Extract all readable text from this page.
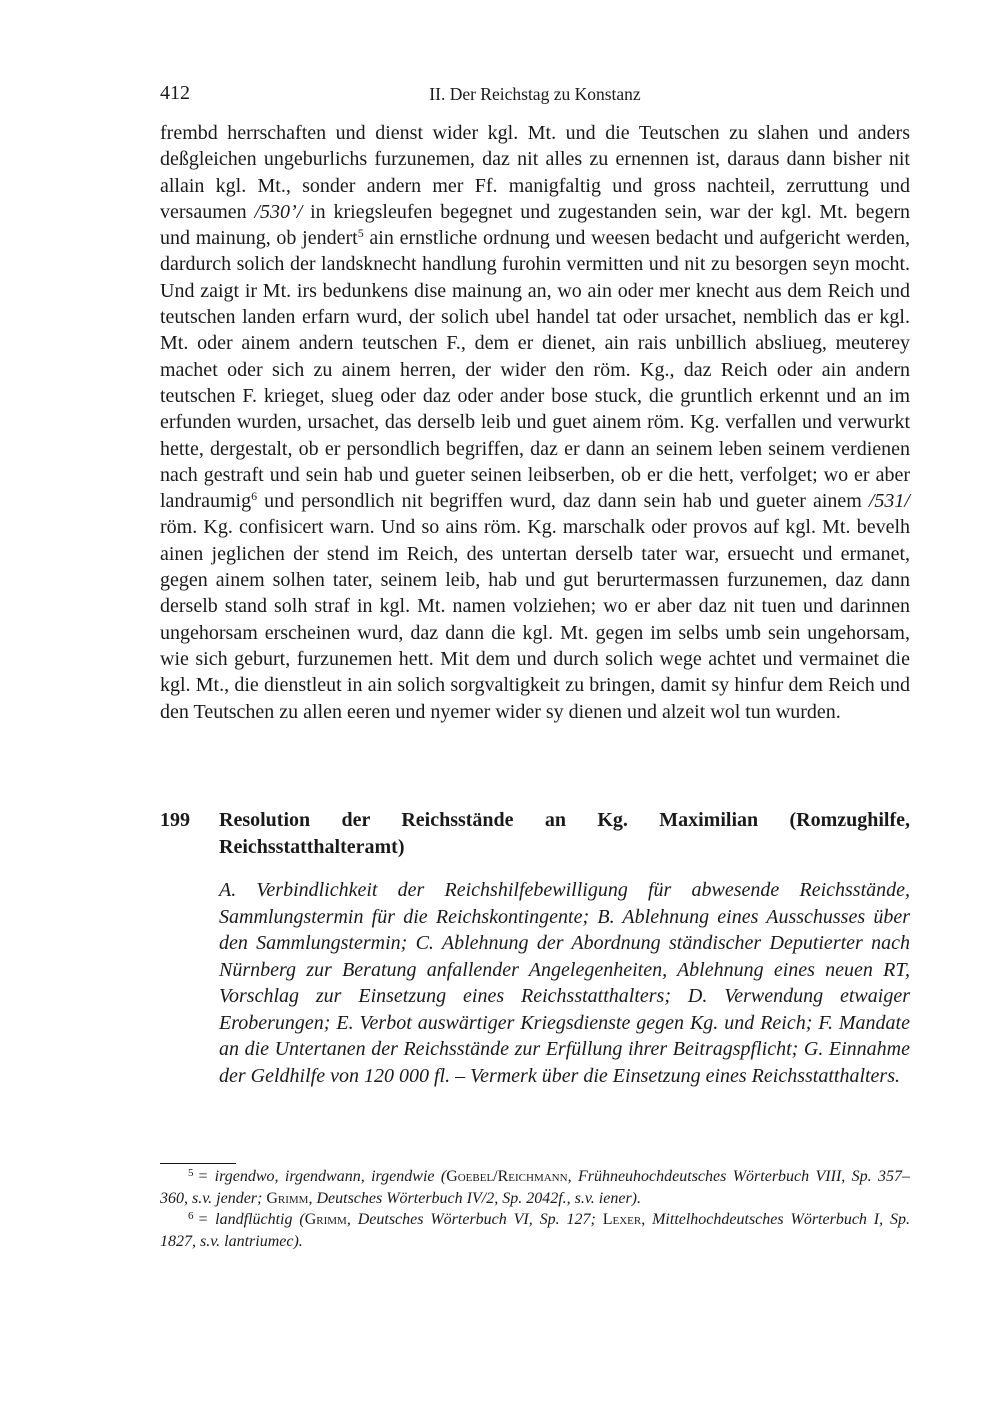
412	II. Der Reichstag zu Konstanz

frembd herrschaften und dienst wider kgl. Mt. und die Teutschen zu slahen und anders deßgleichen ungeburlichs furzunemen, daz nit alles zu ernennen ist, daraus dann bisher nit allain kgl. Mt., sonder andern mer Ff. manigfaltig und gross nachteil, zerruttung und versaumen /530’/ in kriegsleufen begegnet und zugestanden sein, war der kgl. Mt. begern und mainung, ob jendert$^5$ ain ernstliche ordnung und weesen bedacht und aufgericht werden, dardurch solich der landsknecht handlung furohin vermitten und nit zu besorgen seyn mocht. Und zaigt ir Mt. irs bedunkens dise mainung an, wo ain oder mer knecht aus dem Reich und teutschen landen erfarn wurd, der solich ubel handel tat oder ursachet, nemblich das er kgl. Mt. oder ainem andern teutschen F., dem er dienet, ain rais unbillich absliueg, meuterey machet oder sich zu ainem herren, der wider den röm. Kg., daz Reich oder ain andern teutschen F. krieget, slueg oder daz oder ander bose stuck, die gruntlich erkennt und an im erfunden wurden, ursachet, das derselb leib und guet ainem röm. Kg. verfallen und verwurkt hette, dergestalt, ob er persondlich begriffen, daz er dann an seinem leben seinem verdienen nach gestraft und sein hab und gueter seinen leibserben, ob er die hett, verfolget; wo er aber landraumig$^6$ und persondlich nit begriffen wurd, daz dann sein hab und gueter ainem /531/ röm. Kg. confisicert warn. Und so ains röm. Kg. marschalk oder provos auf kgl. Mt. bevelh ainen jeglichen der stend im Reich, des untertan derselb tater war, ersuecht und ermanet, gegen ainem solhen tater, seinem leib, hab und gut berurtermassen furzunemen, daz dann derselb stand solh straf in kgl. Mt. namen volziehen; wo er aber daz nit tuen und darinnen ungehorsam erscheinen wurd, daz dann die kgl. Mt. gegen im selbs umb sein ungehorsam, wie sich geburt, furzunemen hett. Mit dem und durch solich wege achtet und vermainet die kgl. Mt., die dienstleut in ain solich sorgvaltigkeit zu bringen, damit sy hinfur dem Reich und den Teutschen zu allen eeren und nyemer wider sy dienen und alzeit wol tun wurden.

199 Resolution der Reichsstände an Kg. Maximilian (Romzughilfe, Reichsstatthalteramt)

A. Verbindlichkeit der Reichshilfebewilligung für abwesende Reichsstände, Sammlungstermin für die Reichskontingente; B. Ablehnung eines Ausschusses über den Sammlungstermin; C. Ablehnung der Abordnung ständischer Deputierter nach Nürnberg zur Beratung anfallender Angelegenheiten, Ablehnung eines neuen RT, Vorschlag zur Einsetzung eines Reichsstatthalters; D. Verwendung etwaiger Eroberungen; E. Verbot auswärtiger Kriegsdienste gegen Kg. und Reich; F. Mandate an die Untertanen der Reichsstände zur Erfüllung ihrer Beitragspflicht; G. Einnahme der Geldhilfe von 120 000 fl. – Vermerk über die Einsetzung eines Reichsstatthalters.

$^5$ = irgendwo, irgendwann, irgendwie (Goebel/Reichmann, Frühneuhochdeutsches Wörterbuch VIII, Sp. 357–360, s.v. jender; Grimm, Deutsches Wörterbuch IV/2, Sp. 2042f., s.v. iener).

$^6$ = landflüchtig (Grimm, Deutsches Wörterbuch VI, Sp. 127; Lexer, Mittelhochdeutsches Wörterbuch I, Sp. 1827, s.v. lantriumec).
